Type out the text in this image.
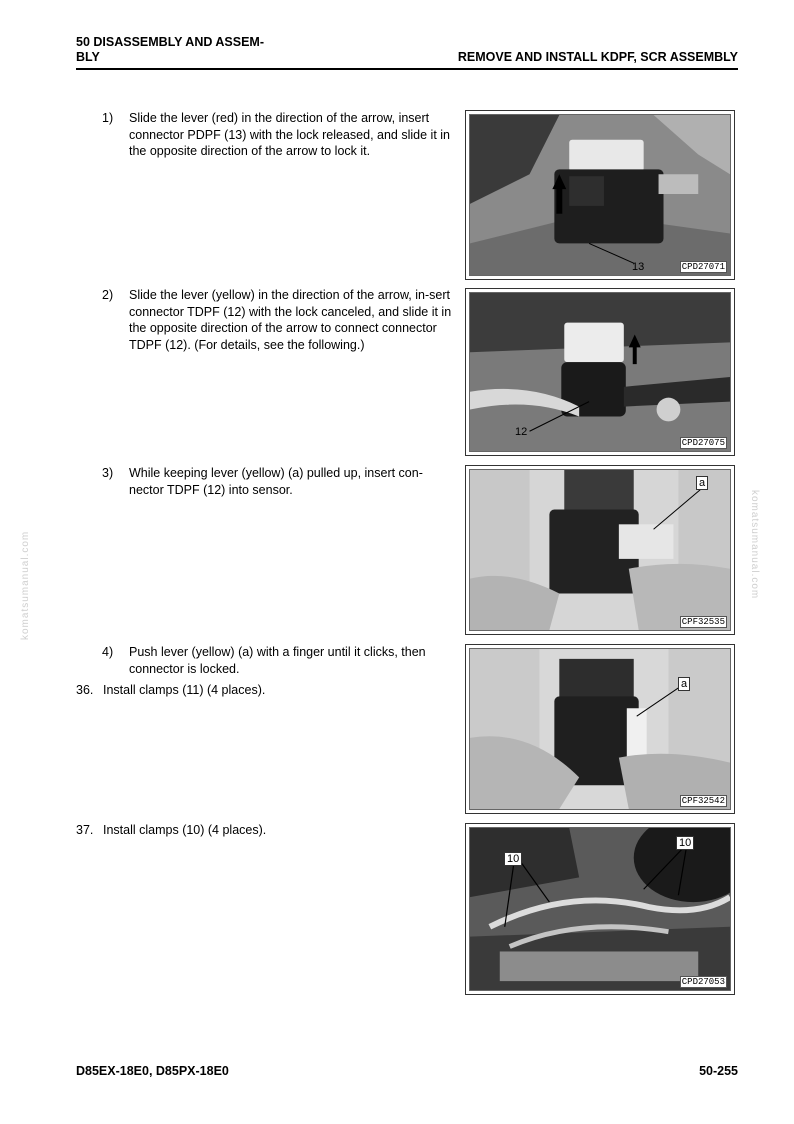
50 DISASSEMBLY AND ASSEM-
BLY	REMOVE AND INSTALL KDPF, SCR ASSEMBLY
komatsumanual.com	komatsumanual.com
1) Slide the lever (red) in the direction of the arrow, insert connector PDPF (13) with the lock released, and slide it in the opposite direction of the arrow to lock it.
13	CPD27071
2) Slide the lever (yellow) in the direction of the arrow, in-sert connector TDPF (12) with the lock canceled, and slide it in the opposite direction of the arrow to connect connector TDPF (12). (For details, see the following.)
12
CPD27075
3) While keeping lever (yellow) (a) pulled up, insert con-nector TDPF (12) into sensor.	a
CPF32535
4) Push lever (yellow) (a) with a finger until it clicks, then connector is locked.
36. Install clamps (11) (4 places).	a
CPF32542
37. Install clamps (10) (4 places).
10
10
CPD27053
D85EX-18E0, D85PX-18E0	50-255
